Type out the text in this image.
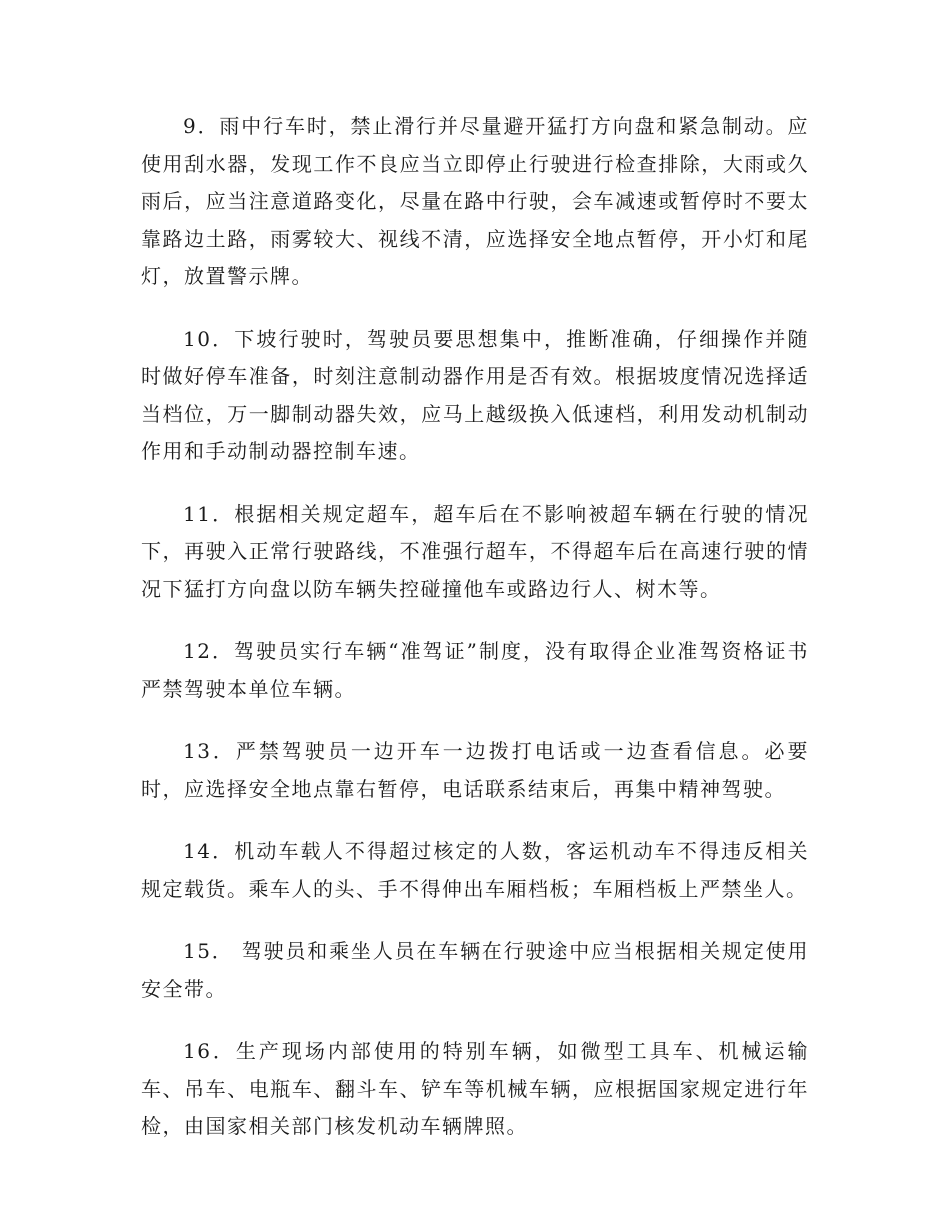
9．雨中行车时，禁止滑行并尽量避开猛打方向盘和紧急制动。应使用刮水器，发现工作不良应当立即停止行驶进行检查排除，大雨或久雨后，应当注意道路变化，尽量在路中行驶，会车减速或暂停时不要太靠路边土路，雨雾较大、视线不清，应选择安全地点暂停，开小灯和尾灯，放置警示牌。

10．下坡行驶时，驾驶员要思想集中，推断准确，仔细操作并随时做好停车准备，时刻注意制动器作用是否有效。根据坡度情况选择适当档位，万一脚制动器失效，应马上越级换入低速档，利用发动机制动作用和手动制动器控制车速。

11．根据相关规定超车，超车后在不影响被超车辆在行驶的情况下，再驶入正常行驶路线，不准强行超车，不得超车后在高速行驶的情况下猛打方向盘以防车辆失控碰撞他车或路边行人、树木等。

12．驾驶员实行车辆“准驾证”制度，没有取得企业准驾资格证书严禁驾驶本单位车辆。

13．严禁驾驶员一边开车一边拨打电话或一边查看信息。必要时，应选择安全地点靠右暂停，电话联系结束后，再集中精神驾驶。

14．机动车载人不得超过核定的人数，客运机动车不得违反相关规定载货。乘车人的头、手不得伸出车厢档板；车厢档板上严禁坐人。

15． 驾驶员和乘坐人员在车辆在行驶途中应当根据相关规定使用安全带。

16．生产现场内部使用的特别车辆，如微型工具车、机械运输车、吊车、电瓶车、翻斗车、铲车等机械车辆，应根据国家规定进行年检，由国家相关部门核发机动车辆牌照。
